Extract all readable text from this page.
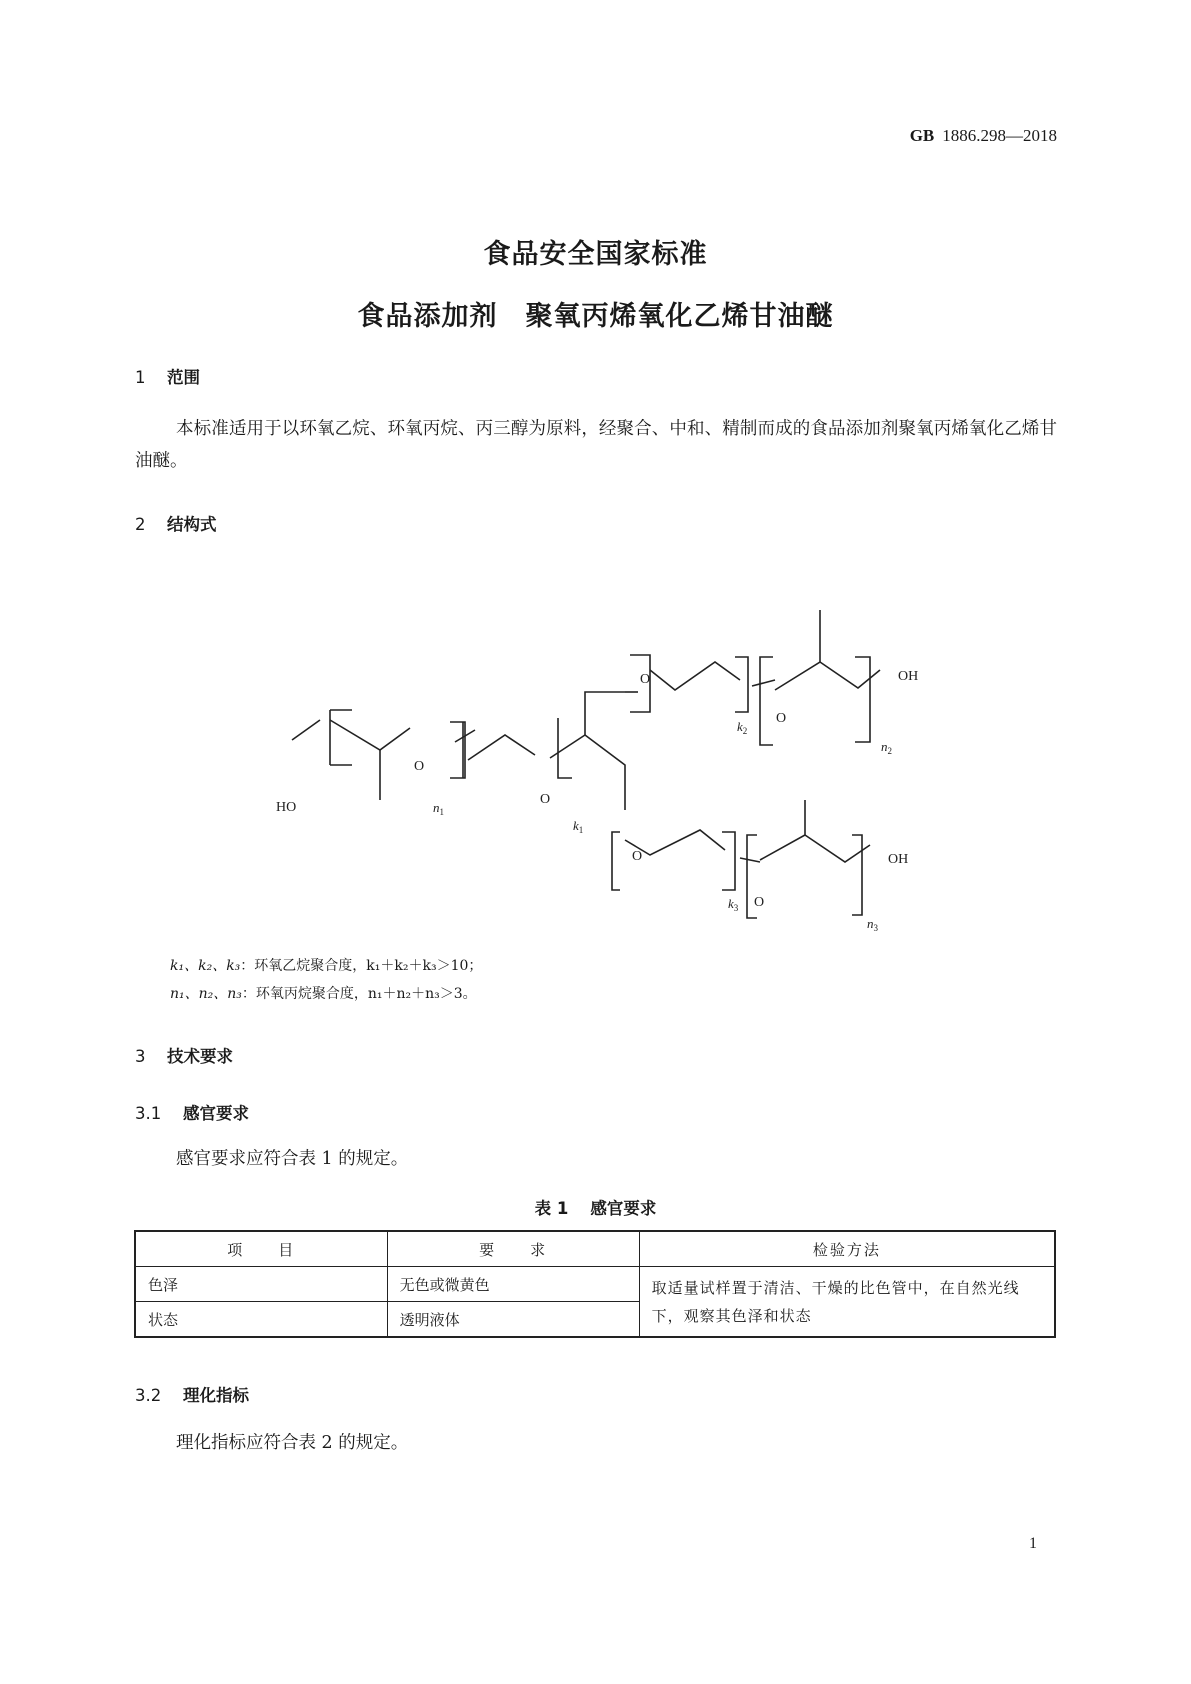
GB 1886.298—2018
食品安全国家标准
食品添加剂 聚氧丙烯氧化乙烯甘油醚
1 范围
本标准适用于以环氧乙烷、环氧丙烷、丙三醇为原料，经聚合、中和、精制而成的食品添加剂聚氧丙烯氧化乙烯甘油醚。
2 结构式
HO
O
O
O
O
O
O
OH
OH
$n_1$
$k_1$
$k_2$
$n_2$
$k_3$
$n_3$
k₁、k₂、k₃：环氧乙烷聚合度，k₁＋k₂＋k₃＞10；
n₁、n₂、n₃：环氧丙烷聚合度，n₁＋n₂＋n₃＞3。
3 技术要求
3.1 感官要求
感官要求应符合表 1 的规定。
表 1 感官要求
项　　目	要　　求	检验方法
色泽	无色或微黄色	取适量试样置于清洁、干燥的比色管中，在自然光线下，观察其色泽和状态
状态	透明液体	
3.2 理化指标
理化指标应符合表 2 的规定。
1
